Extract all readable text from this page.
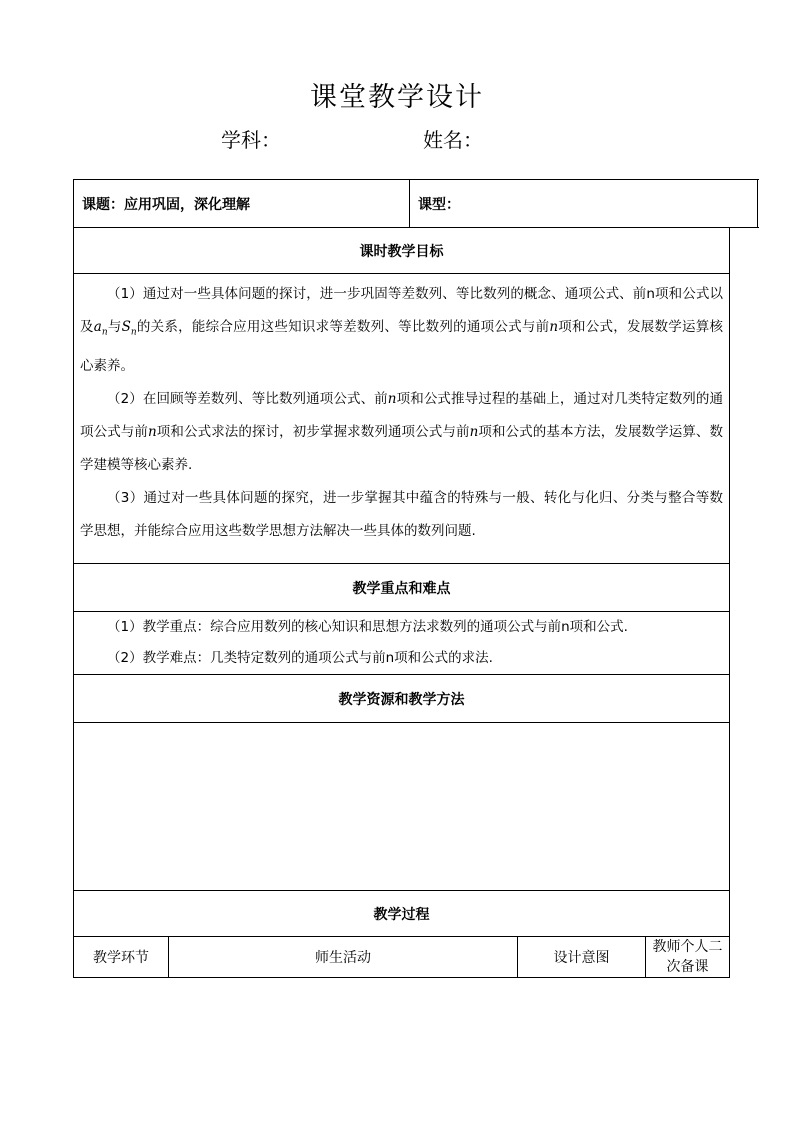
课堂教学设计
学科：	姓名：
课题：应用巩固，深化理解	课型：
课时教学目标

（1）通过对一些具体问题的探讨，进一步巩固等差数列、等比数列的概念、通项公式、前n项和公式以及$a_n$与$S_n$的关系，能综合应用这些知识求等差数列、等比数列的通项公式与前n项和公式，发展数学运算核心素养。

（2）在回顾等差数列、等比数列通项公式、前n项和公式推导过程的基础上，通过对几类特定数列的通项公式与前n项和公式求法的探讨，初步掌握求数列通项公式与前n项和公式的基本方法，发展数学运算、数学建模等核心素养.

（3）通过对一些具体问题的探究，进一步掌握其中蕴含的特殊与一般、转化与化归、分类与整合等数学思想，并能综合应用这些数学思想方法解决一些具体的数列问题.

教学重点和难点

（1）教学重点：综合应用数列的核心知识和思想方法求数列的通项公式与前n项和公式.

（2）教学难点：几类特定数列的通项公式与前n项和公式的求法.

教学资源和教学方法

教学过程
教学环节	师生活动	设计意图	教师个人二次备课
